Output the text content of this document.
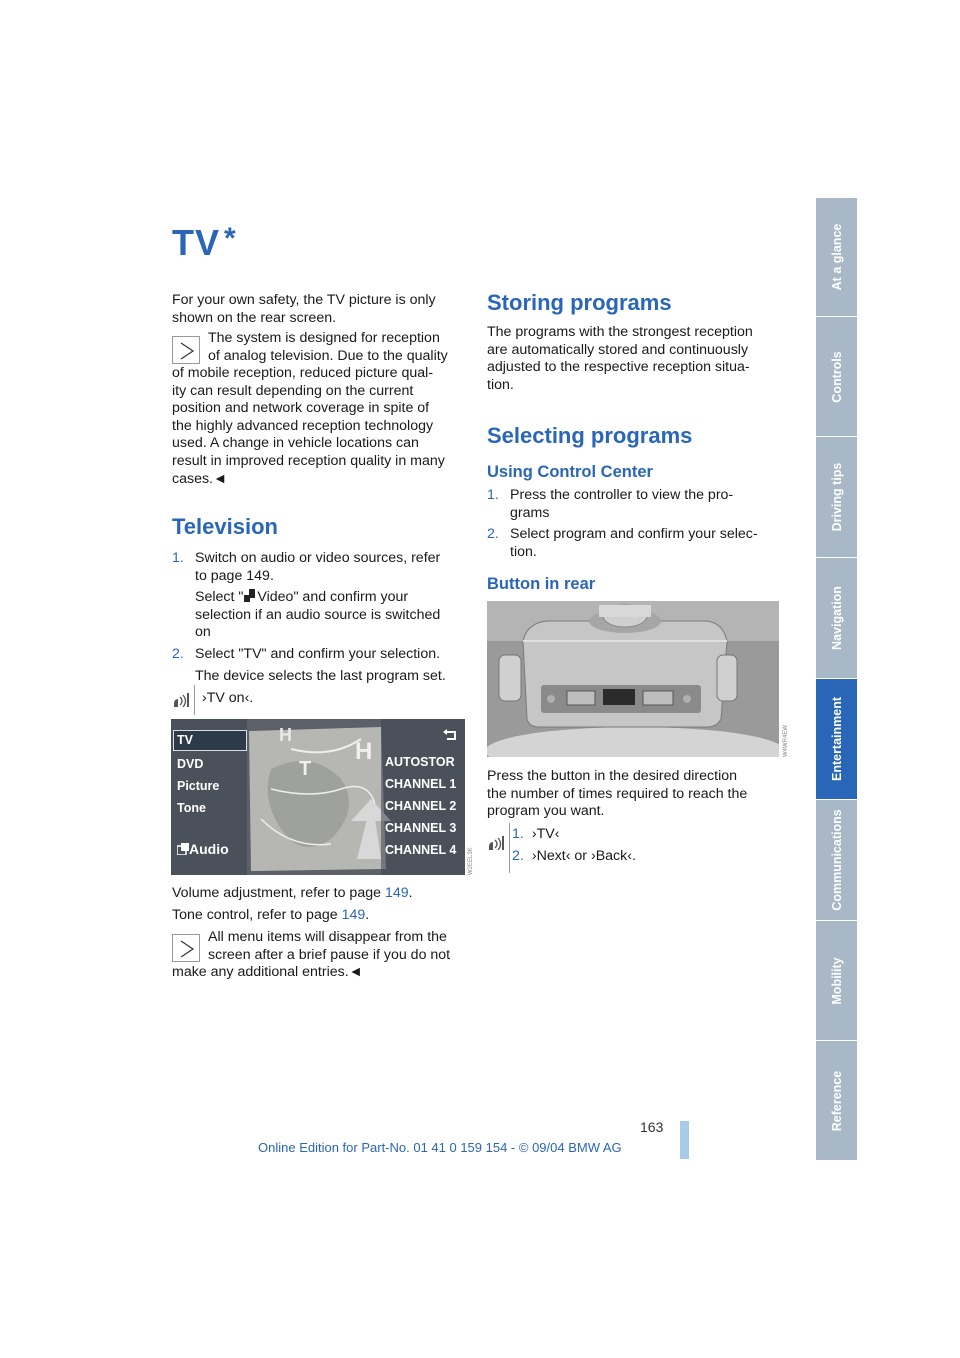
TV *
For your own safety, the TV picture is only
shown on the rear screen.
The system is designed for reception
of analog television. Due to the quality
of mobile reception, reduced picture qual-
ity can result depending on the current
position and network coverage in spite of
the highly advanced reception technology
used. A change in vehicle locations can
result in improved reception quality in many
cases.◄
Television
1. Switch on audio or video sources, refer
to page 149.
Select " Video" and confirm your
selection if an audio source is switched
on
2. Select "TV" and confirm your selection.
The device selects the last program set.
›TV on‹.
T
H
H
TV
DVD
Picture
Tone
Audio
AUTOSTOR
CHANNEL 1
CHANNEL 2
CHANNEL 3
CHANNEL 4 W2EEL3K
Volume adjustment, refer to page 149.
Tone control, refer to page 149.
All menu items will disappear from the
screen after a brief pause if you do not
make any additional entries.◄
Storing programs
The programs with the strongest reception
are automatically stored and continuously
adjusted to the respective reception situa-
tion.
Selecting programs
Using Control Center
1. Press the controller to view the pro-
grams
2. Select program and confirm your selec-
tion.
Button in rear
W4WR4EW
Press the button in the desired direction
the number of times required to reach the
program you want.
1. ›TV‹
2. ›Next‹ or ›Back‹.
At a glance
Controls
Driving tips
Navigation
Entertainment
Communications
Mobility
Reference
163
Online Edition for Part-No. 01 41 0 159 154 - © 09/04 BMW AG
